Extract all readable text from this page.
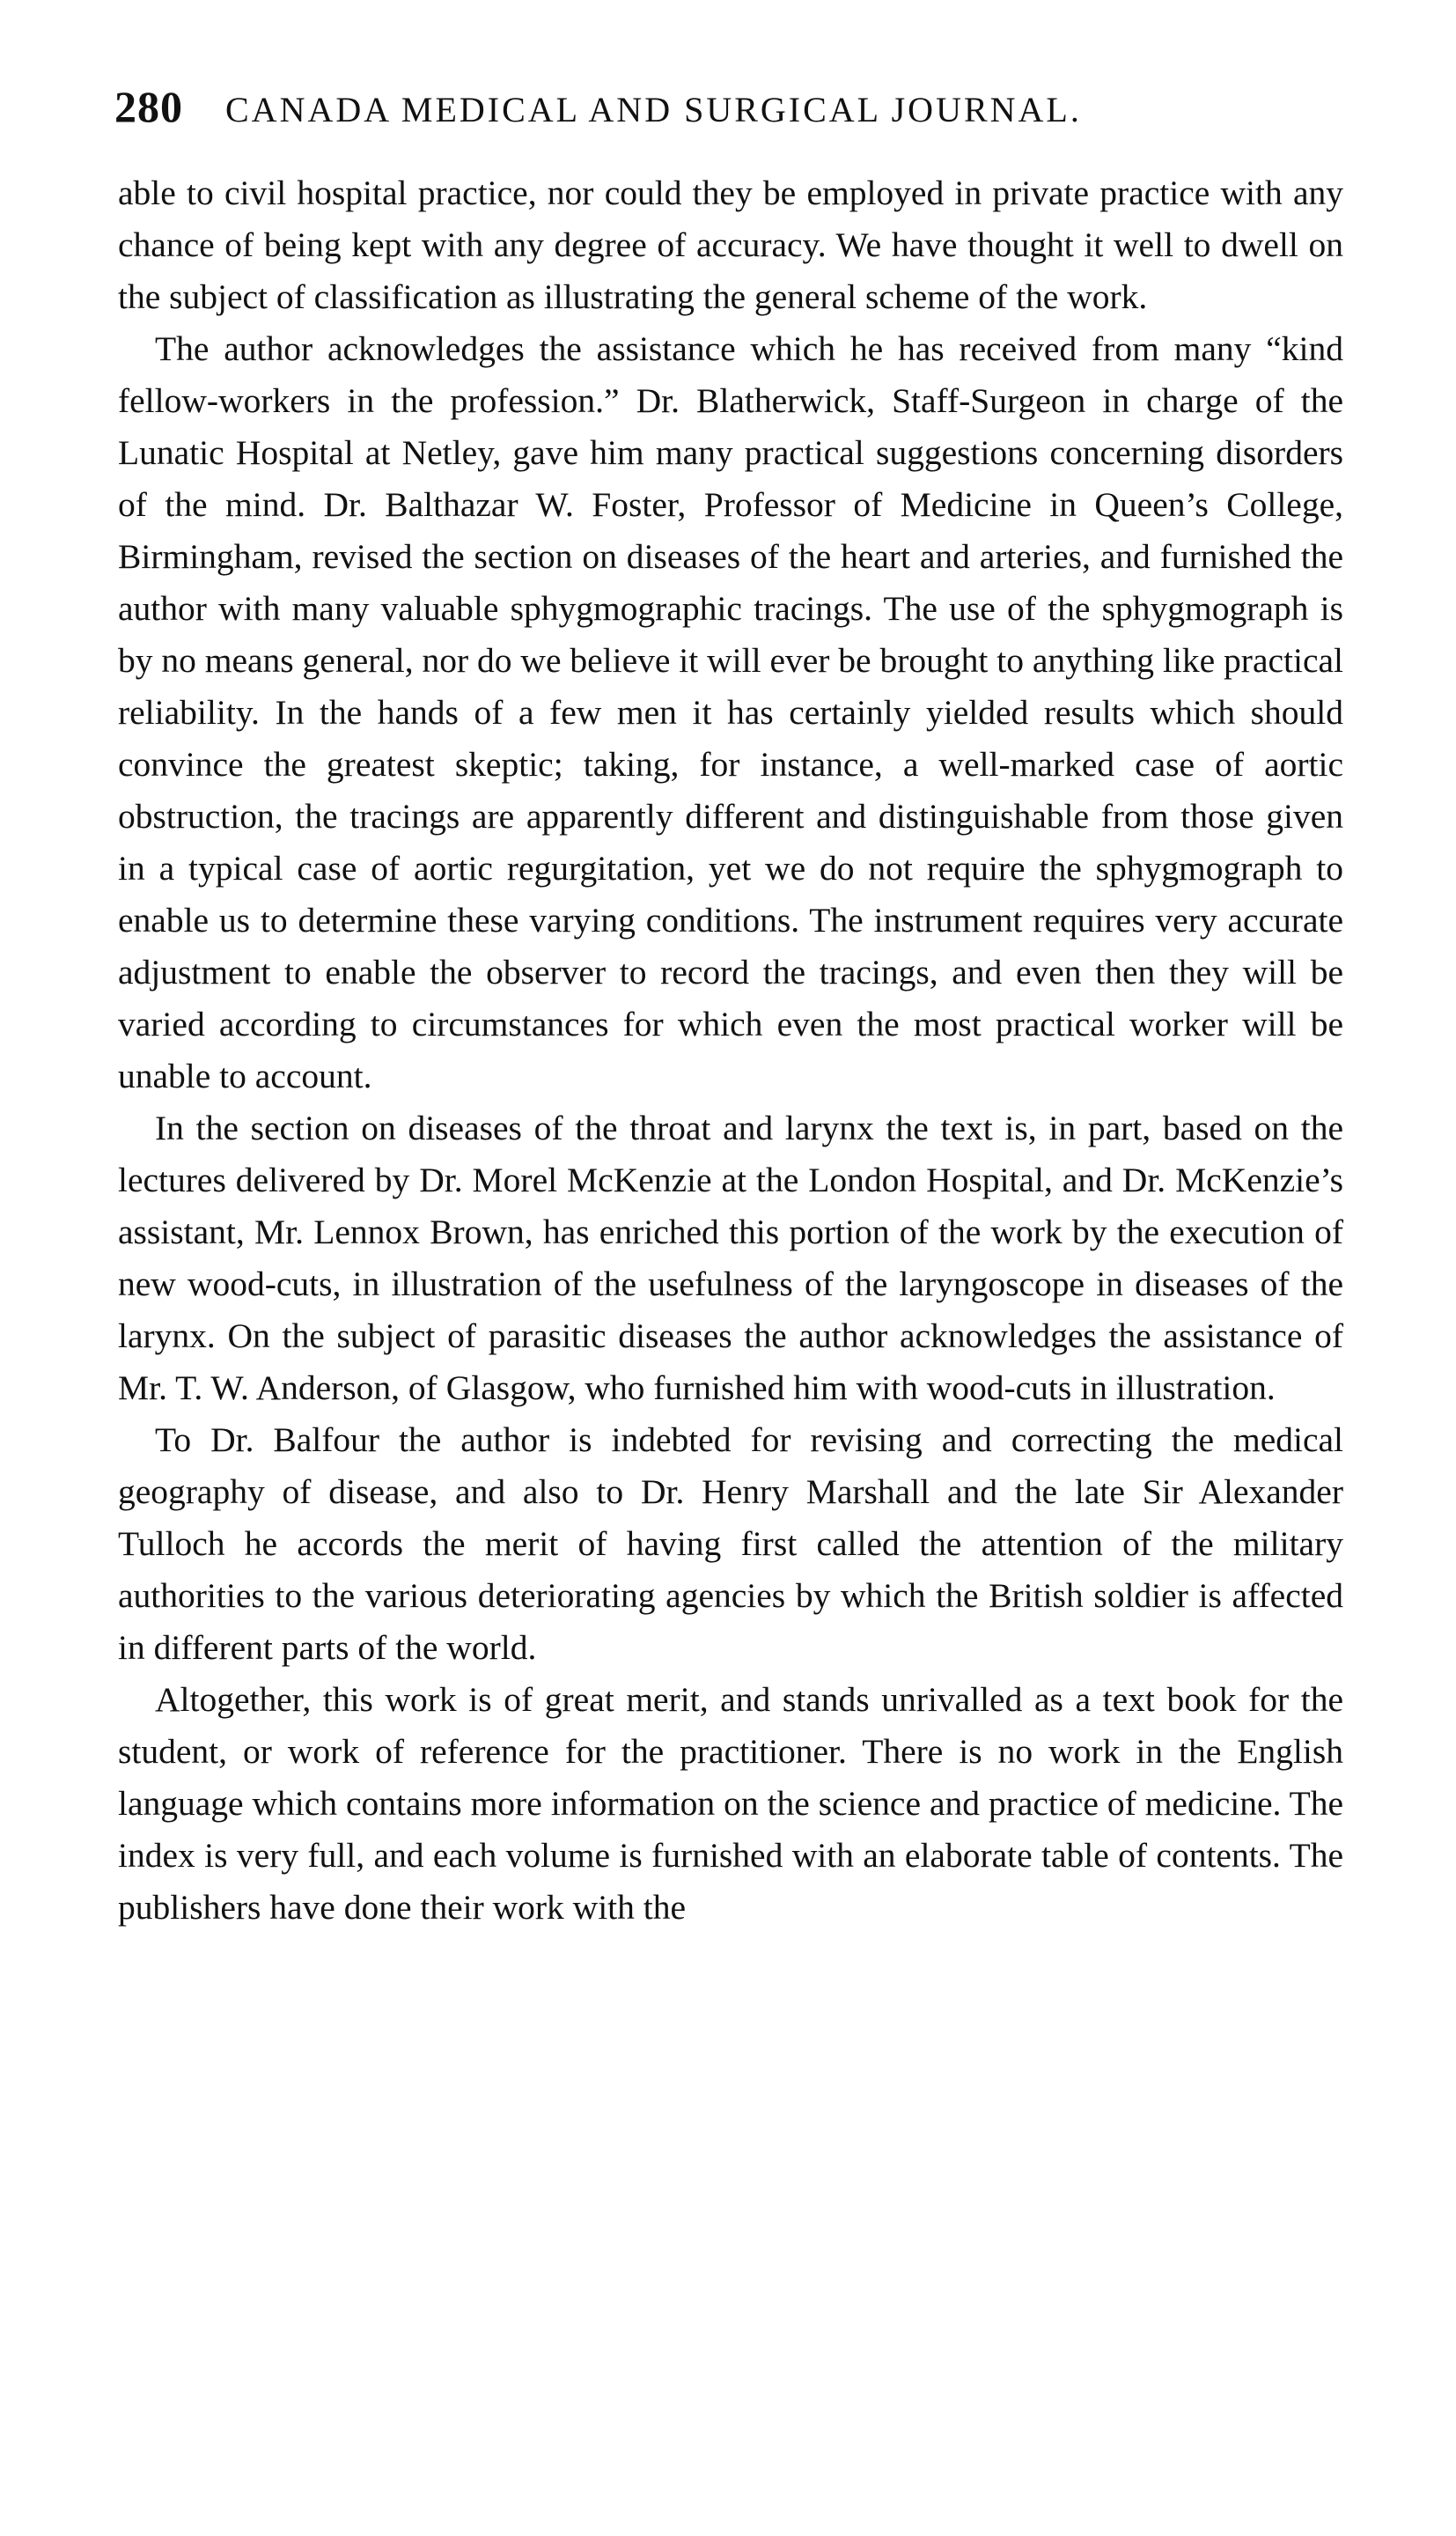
280 CANADA MEDICAL AND SURGICAL JOURNAL.

able to civil hospital practice, nor could they be employed in private practice with any chance of being kept with any degree of accuracy. We have thought it well to dwell on the subject of classification as illustrating the general scheme of the work.

The author acknowledges the assistance which he has received from many “kind fellow-workers in the profession.” Dr. Blatherwick, Staff-Surgeon in charge of the Lunatic Hospital at Netley, gave him many practical suggestions concerning disorders of the mind. Dr. Balthazar W. Foster, Professor of Medicine in Queen’s College, Birmingham, revised the section on diseases of the heart and arteries, and furnished the author with many valuable sphygmographic tracings. The use of the sphygmograph is by no means general, nor do we believe it will ever be brought to anything like practical reliability. In the hands of a few men it has certainly yielded results which should convince the greatest skeptic; taking, for instance, a well-marked case of aortic obstruction, the tracings are apparently different and distinguishable from those given in a typical case of aortic regurgitation, yet we do not require the sphygmograph to enable us to determine these varying conditions. The instrument requires very accurate adjustment to enable the observer to record the tracings, and even then they will be varied according to circumstances for which even the most practical worker will be unable to account.

In the section on diseases of the throat and larynx the text is, in part, based on the lectures delivered by Dr. Morel McKenzie at the London Hospital, and Dr. McKenzie’s assistant, Mr. Lennox Brown, has enriched this portion of the work by the execution of new wood-cuts, in illustration of the usefulness of the laryngoscope in diseases of the larynx. On the subject of parasitic diseases the author acknowledges the assistance of Mr. T. W. Anderson, of Glasgow, who furnished him with wood-cuts in illustration.

To Dr. Balfour the author is indebted for revising and correcting the medical geography of disease, and also to Dr. Henry Marshall and the late Sir Alexander Tulloch he accords the merit of having first called the attention of the military authorities to the various deteriorating agencies by which the British soldier is affected in different parts of the world.

Altogether, this work is of great merit, and stands unrivalled as a text book for the student, or work of reference for the practitioner. There is no work in the English language which contains more information on the science and practice of medicine. The index is very full, and each volume is furnished with an elaborate table of contents. The publishers have done their work with the
